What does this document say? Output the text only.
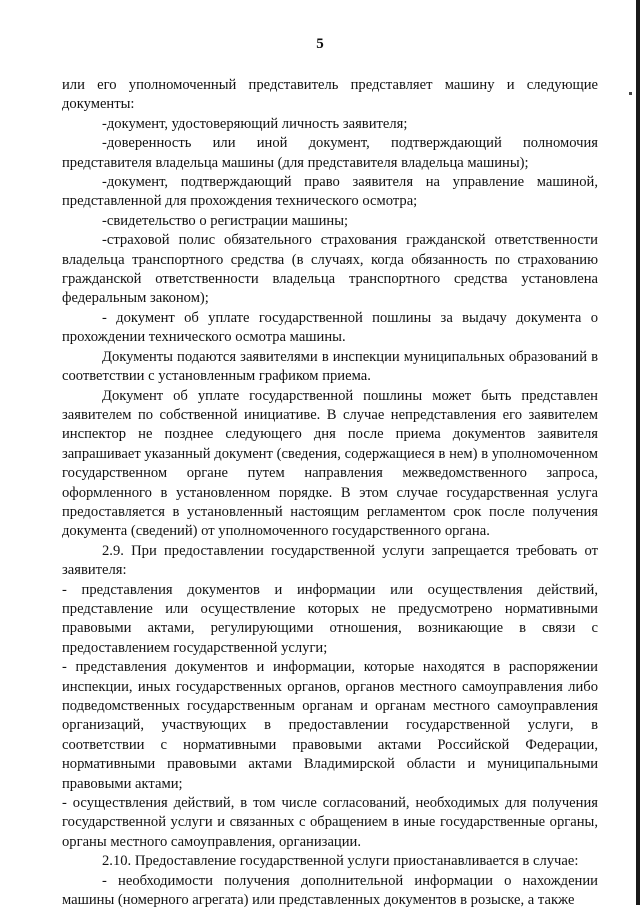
5

или его уполномоченный представитель представляет машину и следующие документы:

-документ, удостоверяющий личность заявителя;

-доверенность или иной документ, подтверждающий полномочия представителя владельца машины (для представителя владельца машины);

-документ, подтверждающий право заявителя на управление машиной, представленной для прохождения технического осмотра;

-свидетельство о регистрации машины;

-страховой полис обязательного страхования гражданской ответственности владельца транспортного средства (в случаях, когда обязанность по страхованию гражданской ответственности владельца транспортного средства установлена федеральным законом);

- документ об уплате государственной пошлины за выдачу документа о прохождении технического осмотра машины.

Документы подаются заявителями в инспекции муниципальных образований в соответствии с установленным графиком приема.

Документ об уплате государственной пошлины может быть представлен заявителем по собственной инициативе. В случае непредставления его заявителем инспектор не позднее следующего дня после приема документов заявителя запрашивает указанный документ (сведения, содержащиеся в нем) в уполномоченном государственном органе путем направления межведомственного запроса, оформленного в установленном порядке. В этом случае государственная услуга предоставляется в установленный настоящим регламентом срок после получения документа (сведений) от уполномоченного государственного органа.

2.9. При предоставлении государственной услуги запрещается требовать от заявителя:

- представления документов и информации или осуществления действий, представление или осуществление которых не предусмотрено нормативными правовыми актами, регулирующими отношения, возникающие в связи с предоставлением государственной услуги;

- представления документов и информации, которые находятся в распоряжении инспекции, иных государственных органов, органов местного самоуправления либо подведомственных государственным органам и органам местного самоуправления организаций, участвующих в предоставлении государственной услуги, в соответствии с нормативными правовыми актами Российской Федерации, нормативными правовыми актами Владимирской области и муниципальными правовыми актами;

- осуществления действий, в том числе согласований, необходимых для получения государственной услуги и связанных с обращением в иные государственные органы, органы местного самоуправления, организации.

2.10. Предоставление государственной услуги приостанавливается в случае:

- необходимости получения дополнительной информации о нахождении машины (номерного агрегата) или представленных документов в розыске, а также
